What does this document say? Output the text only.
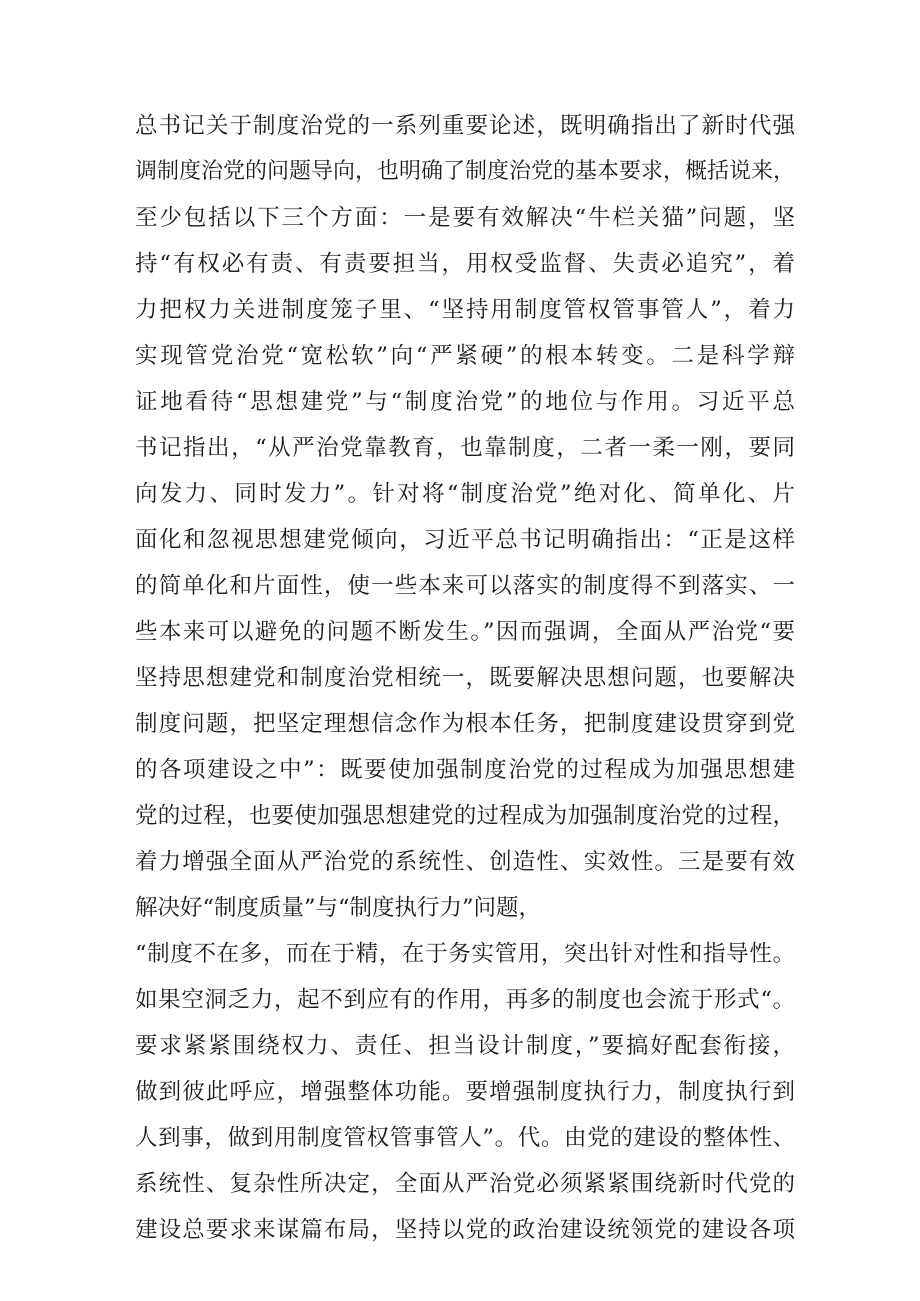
总书记关于制度治党的一系列重要论述，既明确指出了新时代强
调制度治党的问题导向，也明确了制度治党的基本要求，概括说来，
至少包括以下三个方面：一是要有效解决“牛栏关猫”问题，坚
持“有权必有责、有责要担当，用权受监督、失责必追究”，着
力把权力关进制度笼子里、“坚持用制度管权管事管人”，着力
实现管党治党“宽松软”向“严紧硬”的根本转变。二是科学辩
证地看待“思想建党”与“制度治党”的地位与作用。习近平总
书记指出，“从严治党靠教育，也靠制度，二者一柔一刚，要同
向发力、同时发力”。针对将“制度治党”绝对化、简单化、片
面化和忽视思想建党倾向，习近平总书记明确指出：“正是这样
的简单化和片面性，使一些本来可以落实的制度得不到落实、一
些本来可以避免的问题不断发生。”因而强调，全面从严治党“要
坚持思想建党和制度治党相统一，既要解决思想问题，也要解决
制度问题，把坚定理想信念作为根本任务，把制度建设贯穿到党
的各项建设之中”：既要使加强制度治党的过程成为加强思想建
党的过程，也要使加强思想建党的过程成为加强制度治党的过程，
着力增强全面从严治党的系统性、创造性、实效性。三是要有效
解决好“制度质量”与“制度执行力”问题，
“制度不在多，而在于精，在于务实管用，突出针对性和指导性。
如果空洞乏力，起不到应有的作用，再多的制度也会流于形式“。
要求紧紧围绕权力、责任、担当设计制度，”要搞好配套衔接，
做到彼此呼应，增强整体功能。要增强制度执行力，制度执行到
人到事，做到用制度管权管事管人”。代。由党的建设的整体性、
系统性、复杂性所决定，全面从严治党必须紧紧围绕新时代党的
建设总要求来谋篇布局，坚持以党的政治建设统领党的建设各项
